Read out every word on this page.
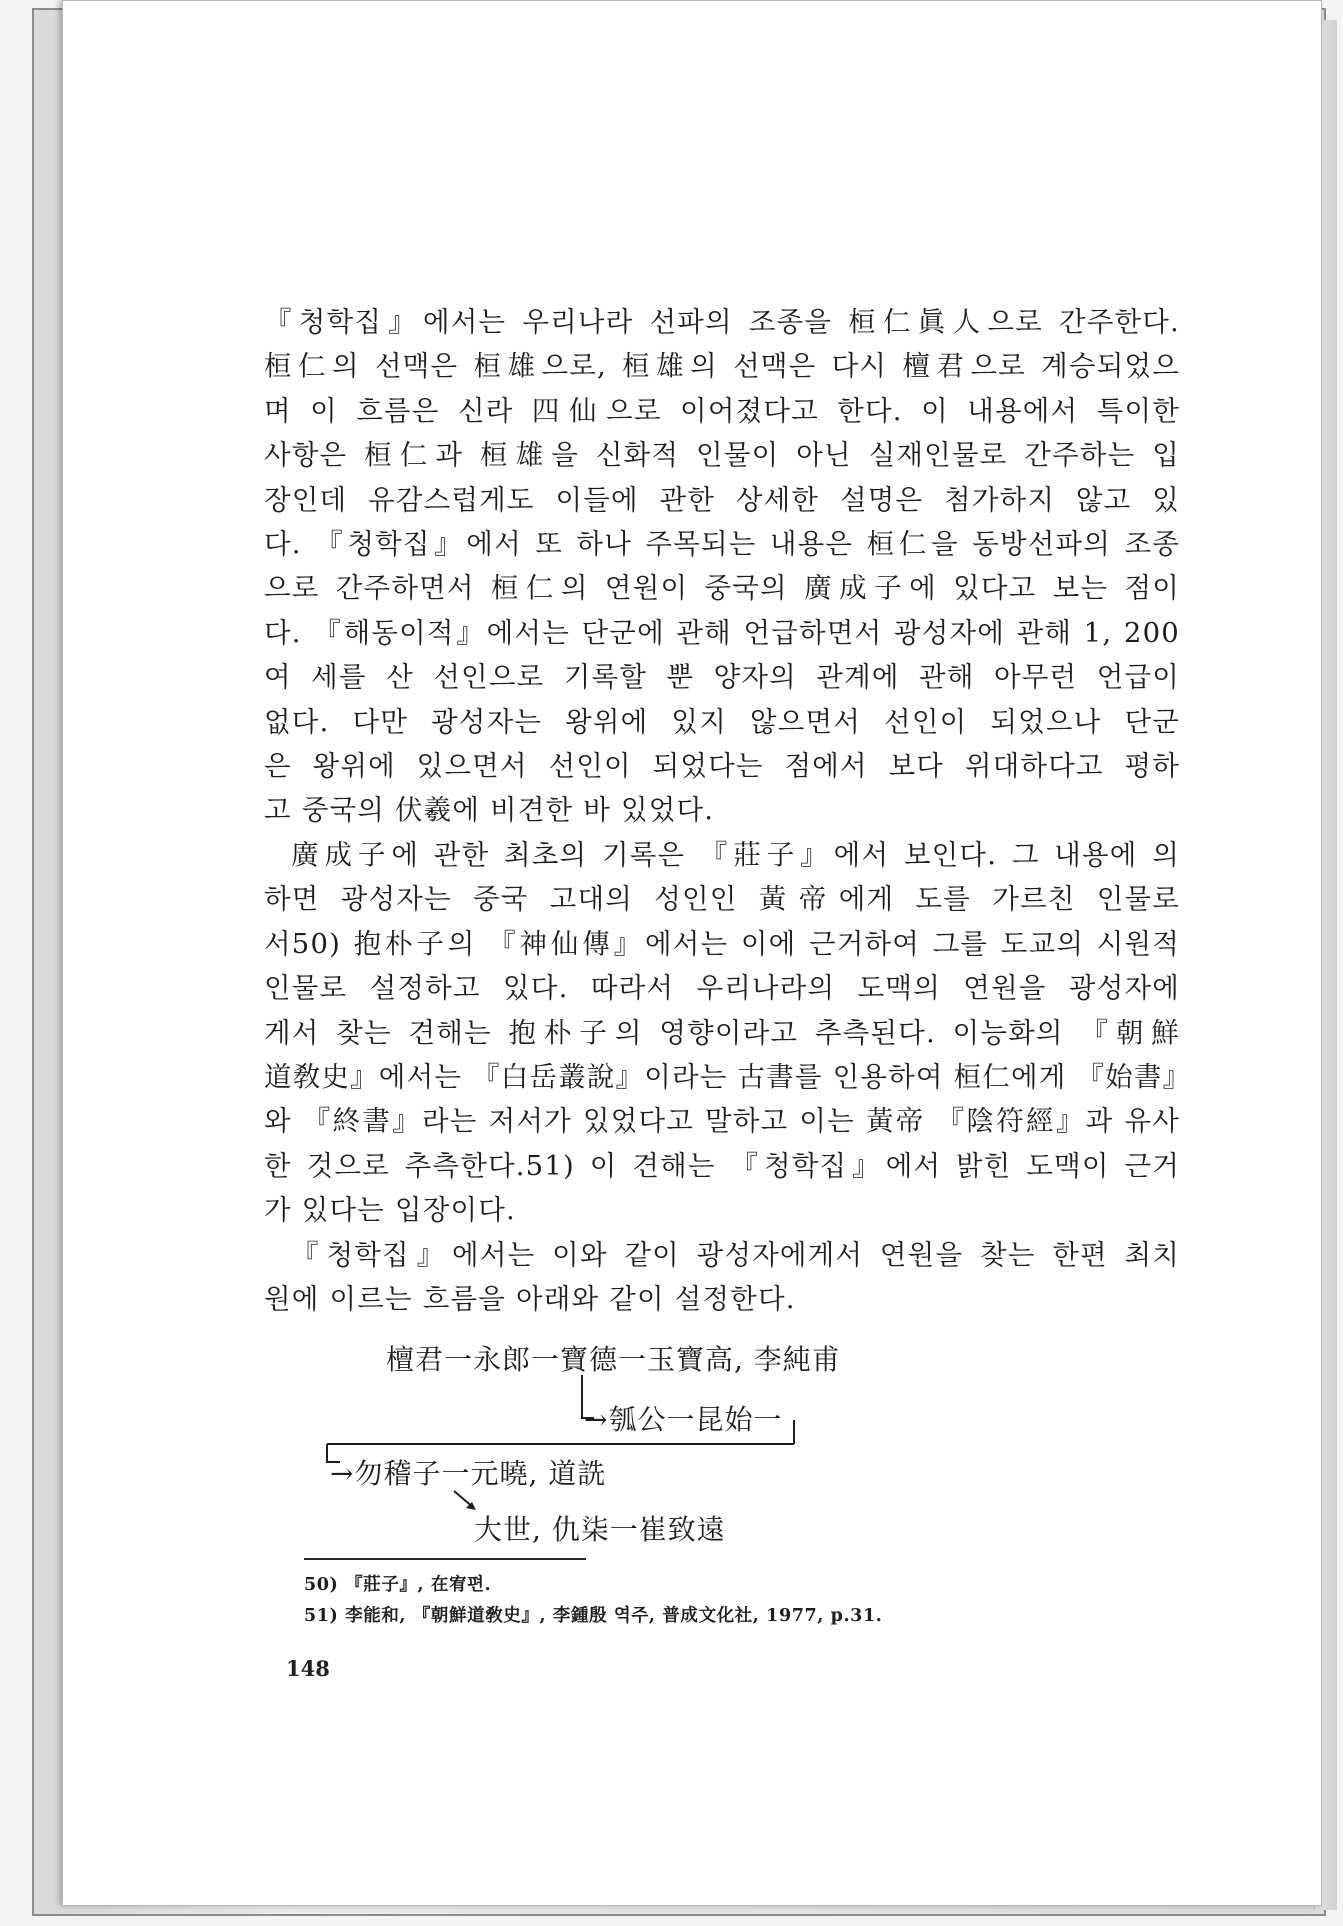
『청학집』에서는 우리나라 선파의 조종을 桓仁眞人으로 간주한다.
桓仁의 선맥은 桓雄으로, 桓雄의 선맥은 다시 檀君으로 계승되었으
며 이 흐름은 신라 四仙으로 이어졌다고 한다. 이 내용에서 특이한
사항은 桓仁과 桓雄을 신화적 인물이 아닌 실재인물로 간주하는 입
장인데 유감스럽게도 이들에 관한 상세한 설명은 첨가하지 않고 있
다. 『청학집』에서 또 하나 주목되는 내용은 桓仁을 동방선파의 조종
으로 간주하면서 桓仁의 연원이 중국의 廣成子에 있다고 보는 점이
다. 『해동이적』에서는 단군에 관해 언급하면서 광성자에 관해 1, 200
여 세를 산 선인으로 기록할 뿐 양자의 관계에 관해 아무런 언급이
없다. 다만 광성자는 왕위에 있지 않으면서 선인이 되었으나 단군
은 왕위에 있으면서 선인이 되었다는 점에서 보다 위대하다고 평하
고 중국의 伏羲에 비견한 바 있었다.
廣成子에 관한 최초의 기록은 『莊子』에서 보인다. 그 내용에 의
하면 광성자는 중국 고대의 성인인 黃帝에게 도를 가르친 인물로
서50) 抱朴子의 『神仙傳』에서는 이에 근거하여 그를 도교의 시원적
인물로 설정하고 있다. 따라서 우리나라의 도맥의 연원을 광성자에
게서 찾는 견해는 抱朴子의 영향이라고 추측된다. 이능화의 『朝鮮
道敎史』에서는 『白岳叢說』이라는 古書를 인용하여 桓仁에게 『始書』
와 『終書』라는 저서가 있었다고 말하고 이는 黃帝 『陰符經』과 유사
한 것으로 추측한다.51) 이 견해는 『청학집』에서 밝힌 도맥이 근거
가 있다는 입장이다.
『청학집』에서는 이와 같이 광성자에게서 연원을 찾는 한편 최치
원에 이르는 흐름을 아래와 같이 설정한다.
檀君一永郎一寶德一玉寶高, 李純甫
→瓠公一昆始一
→勿稽子一元曉, 道詵
大世, 仇柒一崔致遠
50) 『莊子』, 在宥편.
51) 李能和, 『朝鮮道敎史』, 李鍾殷 역주, 普成文化社, 1977, p.31.
148
